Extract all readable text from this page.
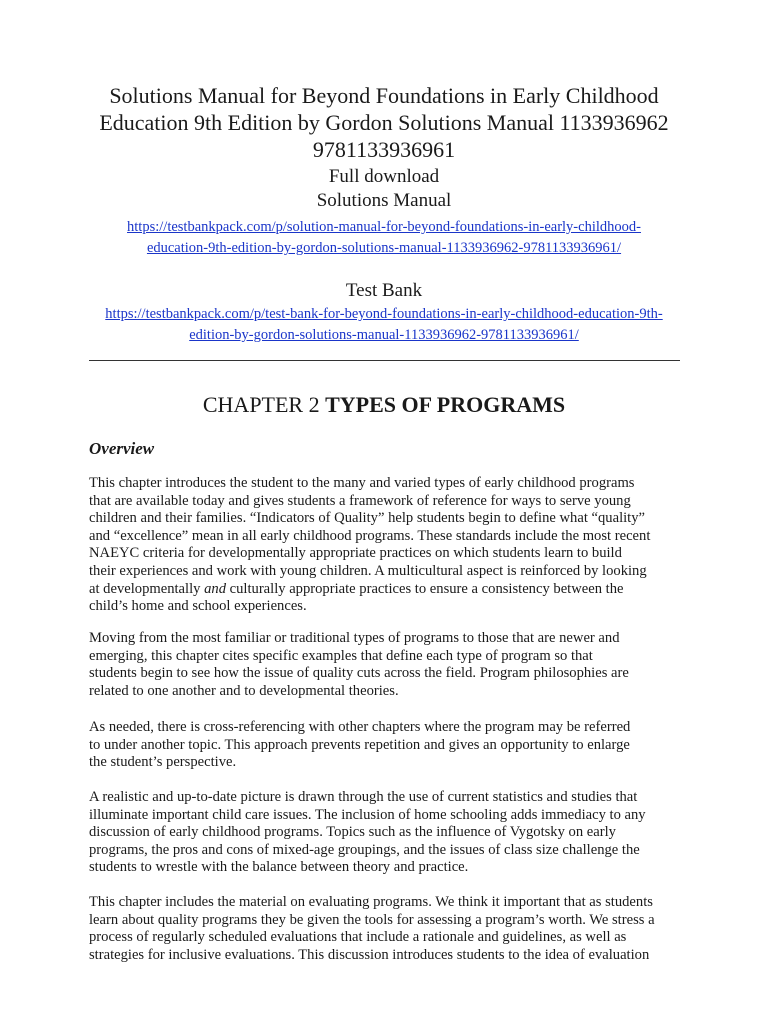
Solutions Manual for Beyond Foundations in Early Childhood

Education 9th Edition by Gordon Solutions Manual 1133936962

9781133936961

Full download

Solutions Manual

https://testbankpack.com/p/solution-manual-for-beyond-foundations-in-early-childhood-

education-9th-edition-by-gordon-solutions-manual-1133936962-9781133936961/

Test Bank

https://testbankpack.com/p/test-bank-for-beyond-foundations-in-early-childhood-education-9th-

edition-by-gordon-solutions-manual-1133936962-9781133936961/

CHAPTER 2 TYPES OF PROGRAMS
Overview

This chapter introduces the student to the many and varied types of early childhood programs
that are available today and gives students a framework of reference for ways to serve young
children and their families. “Indicators of Quality” help students begin to define what “quality”
and “excellence” mean in all early childhood programs. These standards include the most recent
NAEYC criteria for developmentally appropriate practices on which students learn to build
their experiences and work with young children. A multicultural aspect is reinforced by looking
at developmentally and culturally appropriate practices to ensure a consistency between the
child’s home and school experiences.

Moving from the most familiar or traditional types of programs to those that are newer and
emerging, this chapter cites specific examples that define each type of program so that
students begin to see how the issue of quality cuts across the field. Program philosophies are
related to one another and to developmental theories.

As needed, there is cross-referencing with other chapters where the program may be referred
to under another topic. This approach prevents repetition and gives an opportunity to enlarge
the student’s perspective.

A realistic and up-to-date picture is drawn through the use of current statistics and studies that
illuminate important child care issues. The inclusion of home schooling adds immediacy to any
discussion of early childhood programs. Topics such as the influence of Vygotsky on early
programs, the pros and cons of mixed-age groupings, and the issues of class size challenge the
students to wrestle with the balance between theory and practice.

This chapter includes the material on evaluating programs. We think it important that as students
learn about quality programs they be given the tools for assessing a program’s worth. We stress a
process of regularly scheduled evaluations that include a rationale and guidelines, as well as
strategies for inclusive evaluations. This discussion introduces students to the idea of evaluation
